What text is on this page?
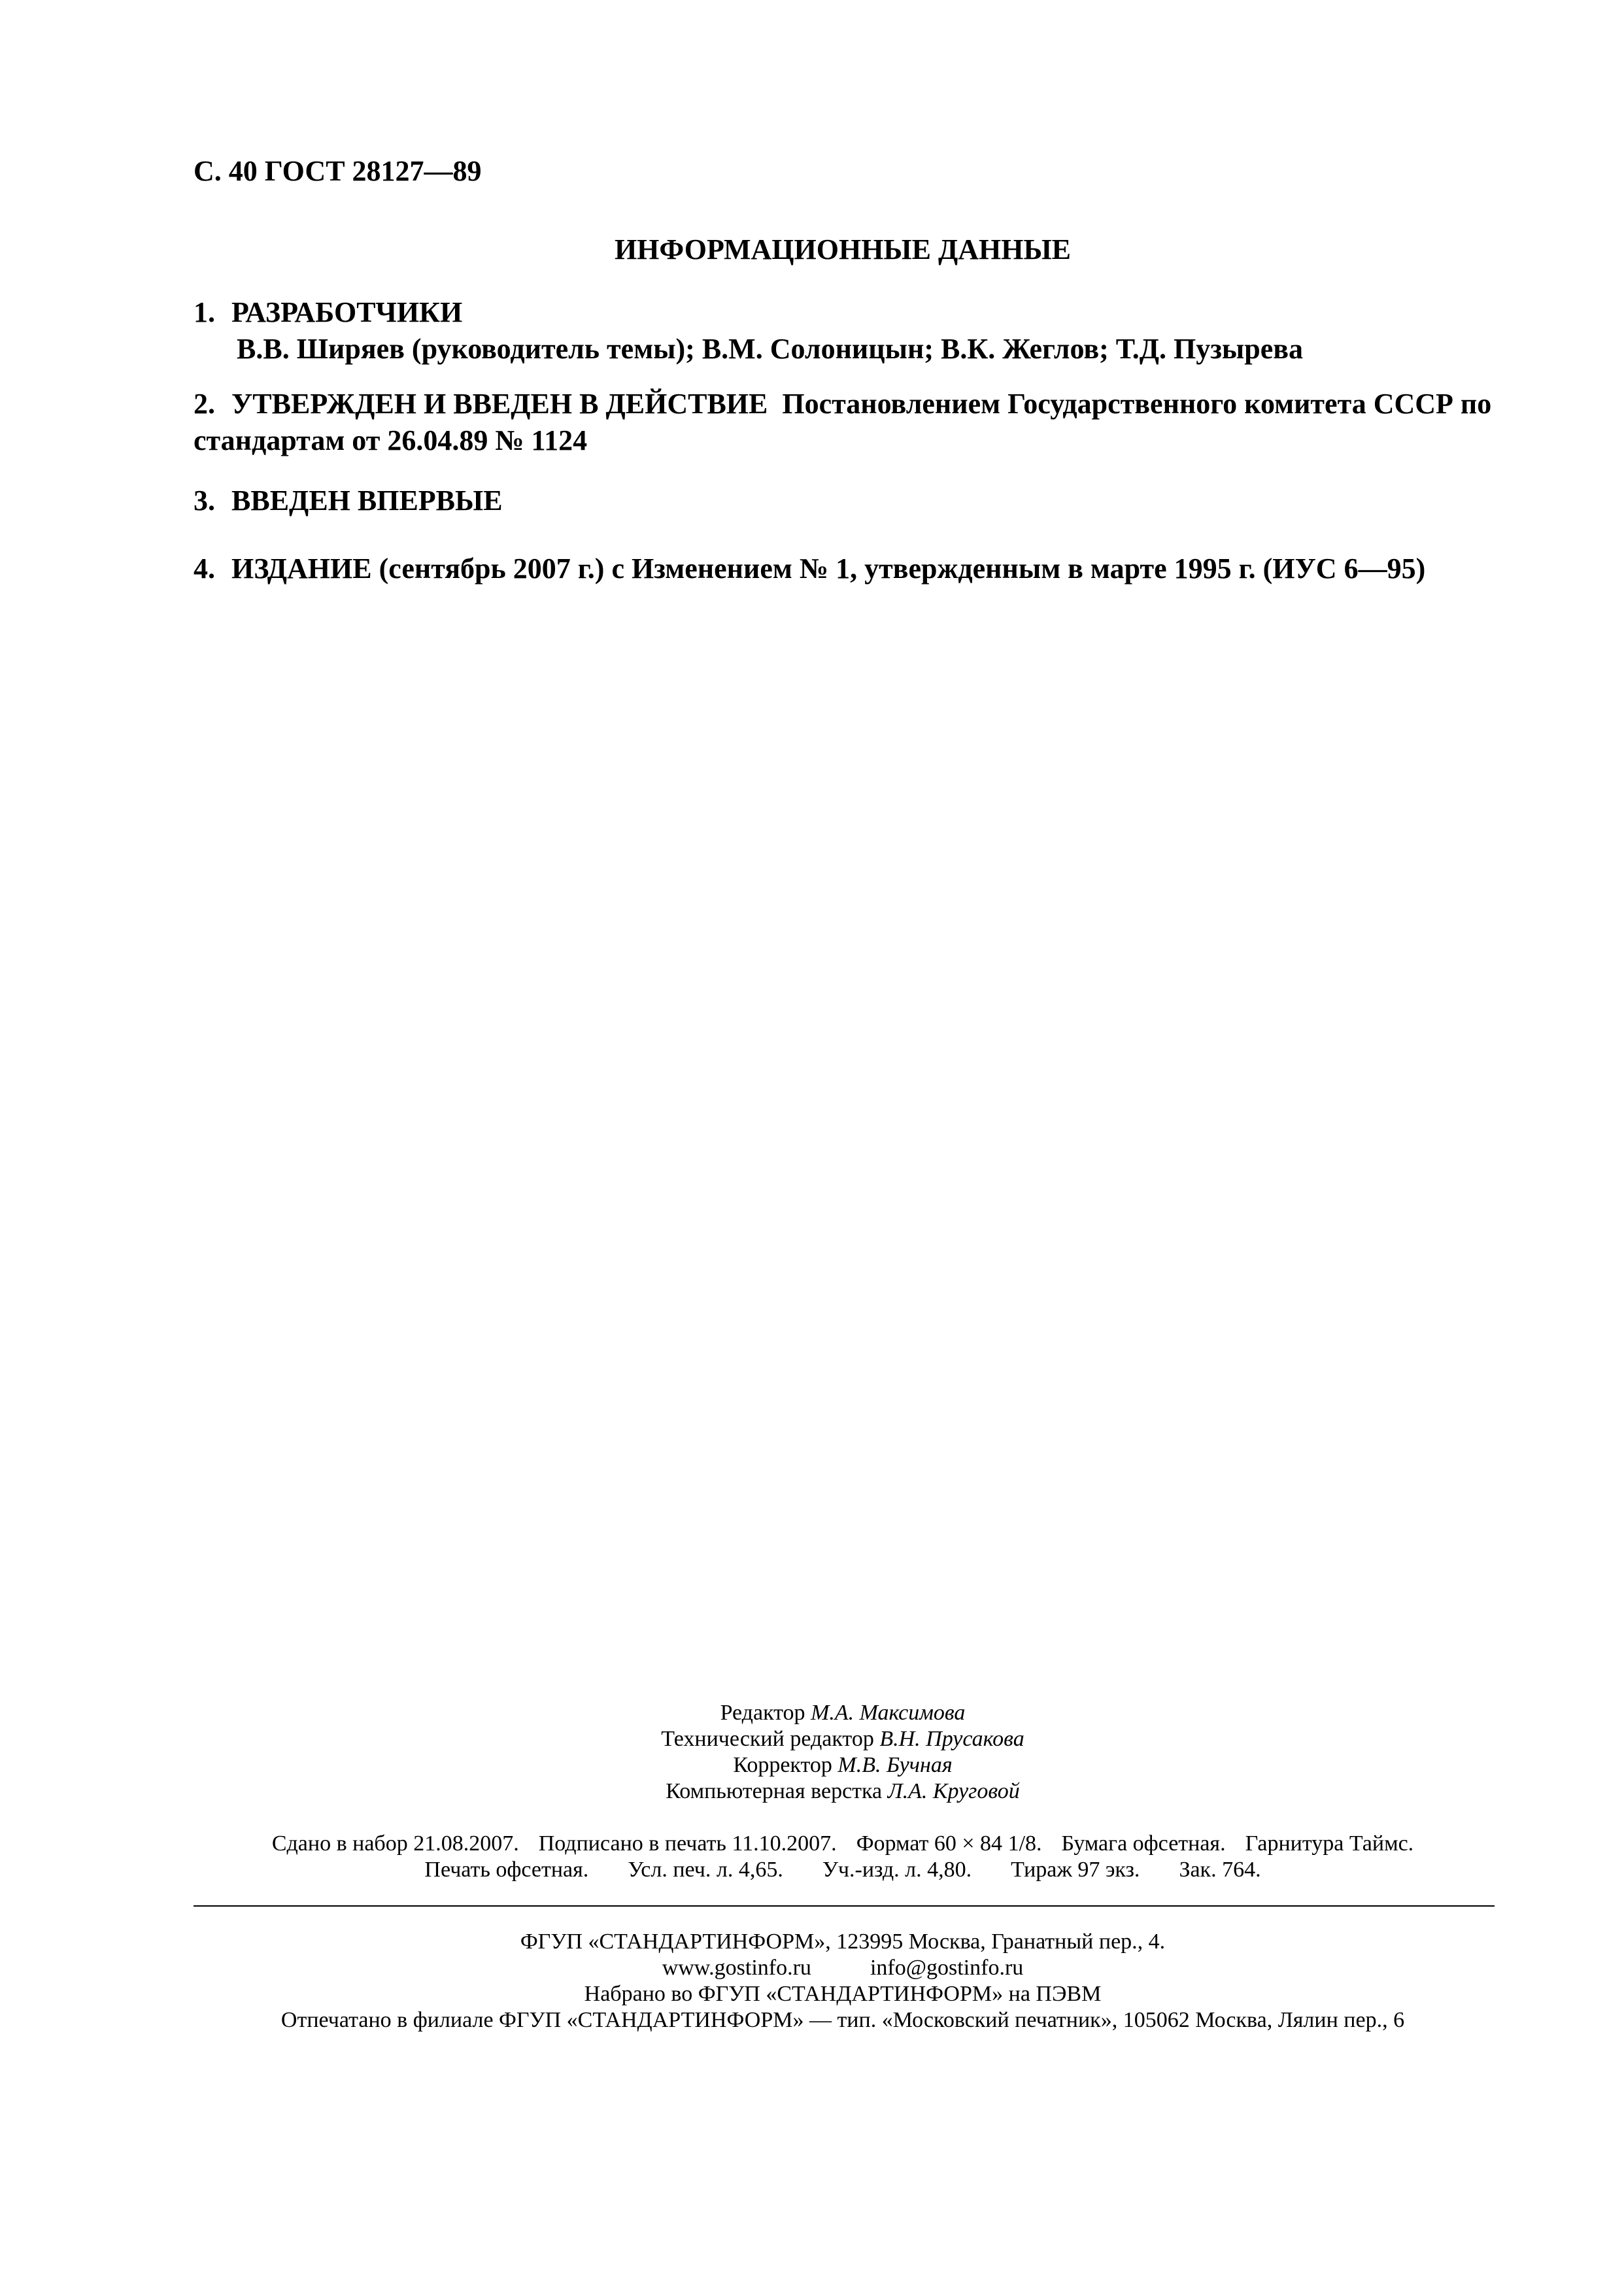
С. 40 ГОСТ 28127—89
ИНФОРМАЦИОННЫЕ ДАННЫЕ
1. РАЗРАБОТЧИКИ
В.В. Ширяев (руководитель темы); В.М. Солоницын; В.К. Жеглов; Т.Д. Пузырева
2. УТВЕРЖДЕН И ВВЕДЕН В ДЕЙСТВИЕ Постановлением Государственного комитета СССР по стандартам от 26.04.89 № 1124
3. ВВЕДЕН ВПЕРВЫЕ
4. ИЗДАНИЕ (сентябрь 2007 г.) с Изменением № 1, утвержденным в марте 1995 г. (ИУС 6—95)
Редактор М.А. Максимова
Технический редактор В.Н. Прусакова
Корректор М.В. Бучная
Компьютерная верстка Л.А. Круговой
Сдано в набор 21.08.2007. Подписано в печать 11.10.2007. Формат 60 × 84 1/8. Бумага офсетная. Гарнитура Таймс.
Печать офсетная. Усл. печ. л. 4,65. Уч.-изд. л. 4,80. Тираж 97 экз. Зак. 764.
ФГУП «СТАНДАРТИНФОРМ», 123995 Москва, Гранатный пер., 4.
www.gostinfo.ru	info@gostinfo.ru
Набрано во ФГУП «СТАНДАРТИНФОРМ» на ПЭВМ
Отпечатано в филиале ФГУП «СТАНДАРТИНФОРМ» — тип. «Московский печатник», 105062 Москва, Лялин пер., 6
